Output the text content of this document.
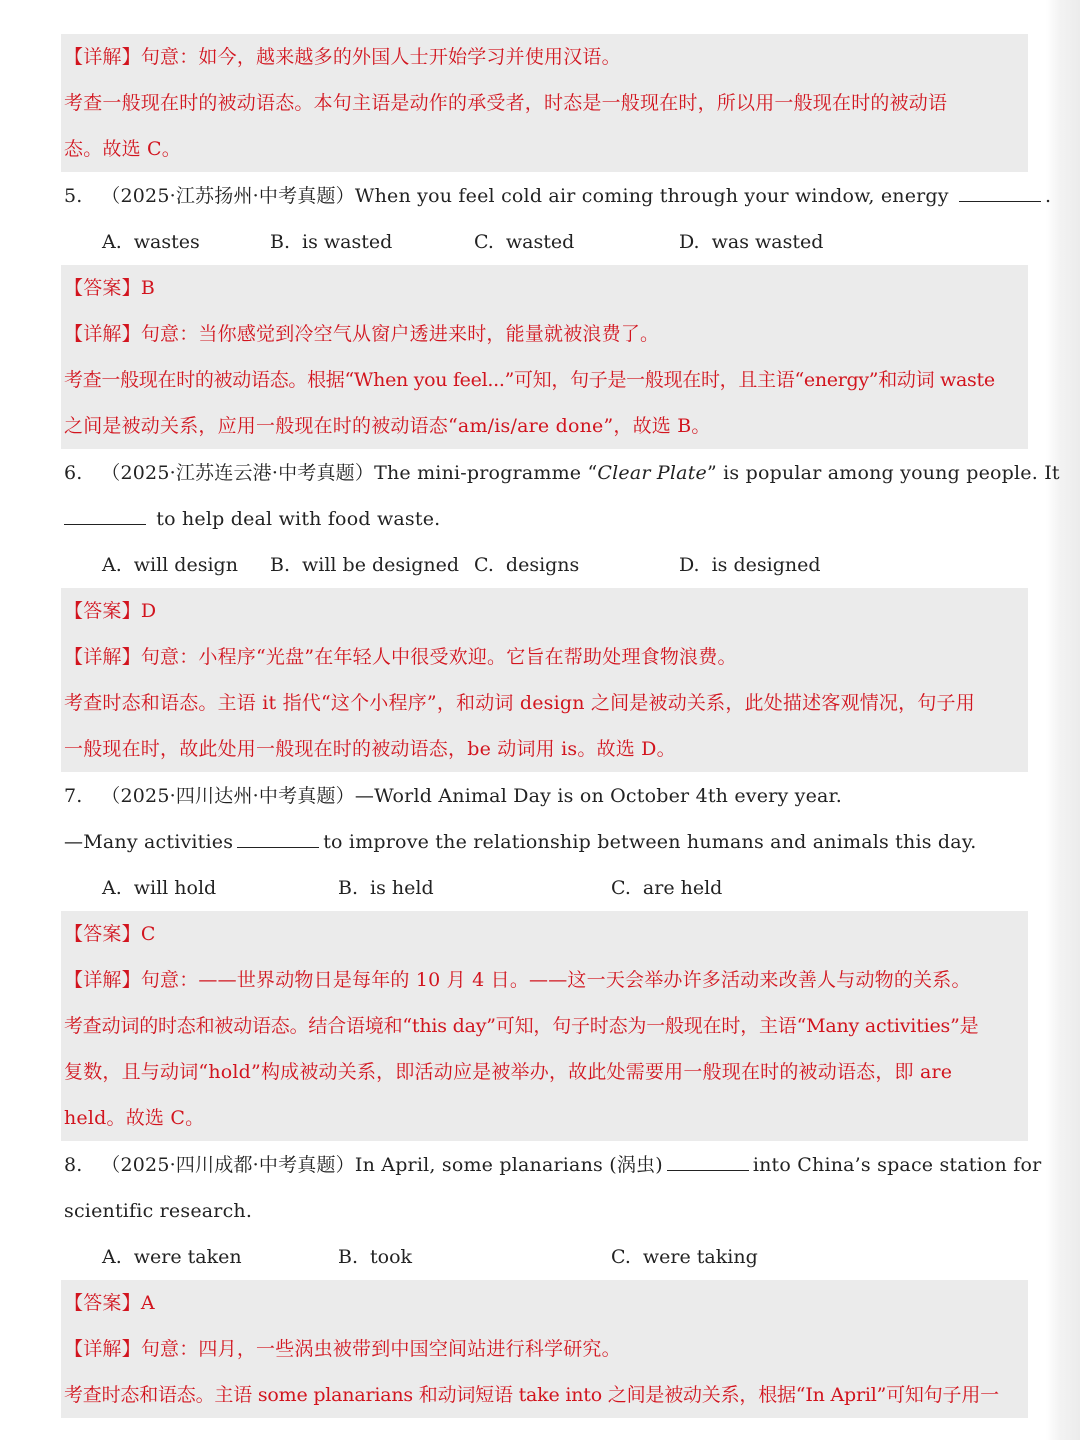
【详解】句意：如今，越来越多的外国人士开始学习并使用汉语。
考查一般现在时的被动语态。本句主语是动作的承受者，时态是一般现在时，所以用一般现在时的被动语
态。故选 C。
5. （2025·江苏扬州·中考真题）When you feel cold air coming through your window, energy	.
A. wastes	B. is wasted	C. wasted	D. was wasted
【答案】B
【详解】句意：当你感觉到冷空气从窗户透进来时，能量就被浪费了。
考查一般现在时的被动语态。根据“When you feel...”可知，句子是一般现在时，且主语“energy”和动词 waste
之间是被动关系，应用一般现在时的被动语态“am/is/are done”，故选 B。
6. （2025·江苏连云港·中考真题）The mini-programme “Clear Plate” is popular among young people. It
to help deal with food waste.
A. will design B. will be designed C. designs	D. is designed
【答案】D
【详解】句意：小程序“光盘”在年轻人中很受欢迎。它旨在帮助处理食物浪费。
考查时态和语态。主语 it 指代“这个小程序”，和动词 design 之间是被动关系，此处描述客观情况，句子用
一般现在时，故此处用一般现在时的被动语态，be 动词用 is。故选 D。
7. （2025·四川达州·中考真题）—World Animal Day is on October 4th every year.
—Many activities	to improve the relationship between humans and animals this day.
A. will hold	B. is held	C. are held
【答案】C
【详解】句意：——世界动物日是每年的 10 月 4 日。——这一天会举办许多活动来改善人与动物的关系。
考查动词的时态和被动语态。结合语境和“this day”可知，句子时态为一般现在时，主语“Many activities”是
复数，且与动词“hold”构成被动关系，即活动应是被举办，故此处需要用一般现在时的被动语态，即 are
held。故选 C。
8. （2025·四川成都·中考真题）In April, some planarians (涡虫)	into China’s space station for
scientific research.
A. were taken	B. took	C. were taking
【答案】A
【详解】句意：四月，一些涡虫被带到中国空间站进行科学研究。
考查时态和语态。主语 some planarians 和动词短语 take into 之间是被动关系，根据“In April”可知句子用一
